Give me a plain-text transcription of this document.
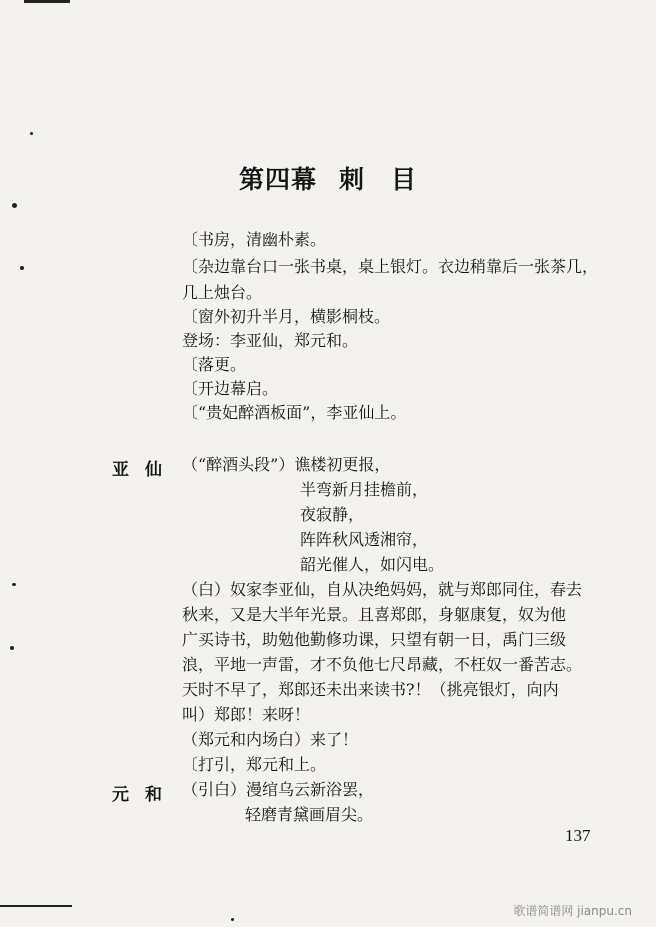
第四幕 刺　目
〔书房，清幽朴素。
〔杂边靠台口一张书桌，桌上银灯。衣边稍靠后一张茶几，
几上烛台。
〔窗外初升半月，横影桐枝。
登场：李亚仙，郑元和。
〔落更。
〔开边幕启。
〔“贵妃醉酒板面”，李亚仙上。
亚仙 （“醉酒头段”）谯楼初更报，
半弯新月挂檐前，
夜寂静，
阵阵秋风透湘帘，
韶光催人，如闪电。
（白）奴家李亚仙，自从决绝妈妈，就与郑郎同住，春去
秋来，又是大半年光景。且喜郑郎，身躯康复，奴为他
广买诗书，助勉他勤修功课，只望有朝一日，禹门三级
浪，平地一声雷，才不负他七尺昂藏，不枉奴一番苦志。
天时不早了，郑郎还未出来读书?！（挑亮银灯，向内
叫）郑郎！来呀！
（郑元和内场白）来了！
〔打引，郑元和上。
元和 （引白）漫绾乌云新浴罢，
轻磨青黛画眉尖。
137
歌谱简谱网 jianpu.cn
